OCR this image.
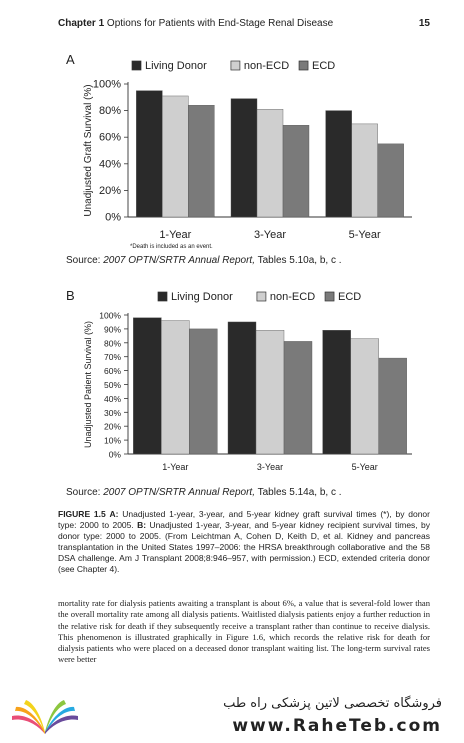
Chapter 1 Options for Patients with End-Stage Renal Disease	15
A	Living Donor	non-ECD ECD
0%
20%
40%
60%
80%
100%
Unadjusted Graft Survival (%)
1-Year	3-Year	5-Year
*Death is included as an event.
Source: 2007 OPTN/SRTR Annual Report, Tables 5.10a, b, c .
B	Living Donor	non-ECD ECD
0%
10%
20%
30%
40%
50%
60%
70%
80%
90%
100%
Unadjusted Patient Survival (%)
1-Year	3-Year	5-Year
Source: 2007 OPTN/SRTR Annual Report, Tables 5.14a, b, c .
FIGURE 1.5 A: Unadjusted 1-year, 3-year, and 5-year kidney graft survival times (*), by donor type: 2000 to 2005. B: Unadjusted 1-year, 3-year, and 5-year kidney recipient survival times, by donor type: 2000 to 2005. (From Leichtman A, Cohen D, Keith D, et al. Kidney and pancreas transplantation in the United States 1997–2006: the HRSA breakthrough collaborative and the 58 DSA challenge. Am J Transplant 2008;8:946–957, with permission.) ECD, extended criteria donor (see Chapter 4).
mortality rate for dialysis patients awaiting a transplant is about 6%, a value that is several-fold lower than the overall mortality rate among all dialysis patients. Waitlisted dialysis patients enjoy a further reduction in the relative risk for death if they subsequently receive a transplant rather than continue to receive dialysis. This phenomenon is illustrated graphically in Figure 1.6, which records the relative risk for death for dialysis patients who were placed on a deceased donor transplant waiting list. The long-term survival rates were better
فروشگاه تخصصی لاتین پزشکی راه طب
www.RaheTeb.com
